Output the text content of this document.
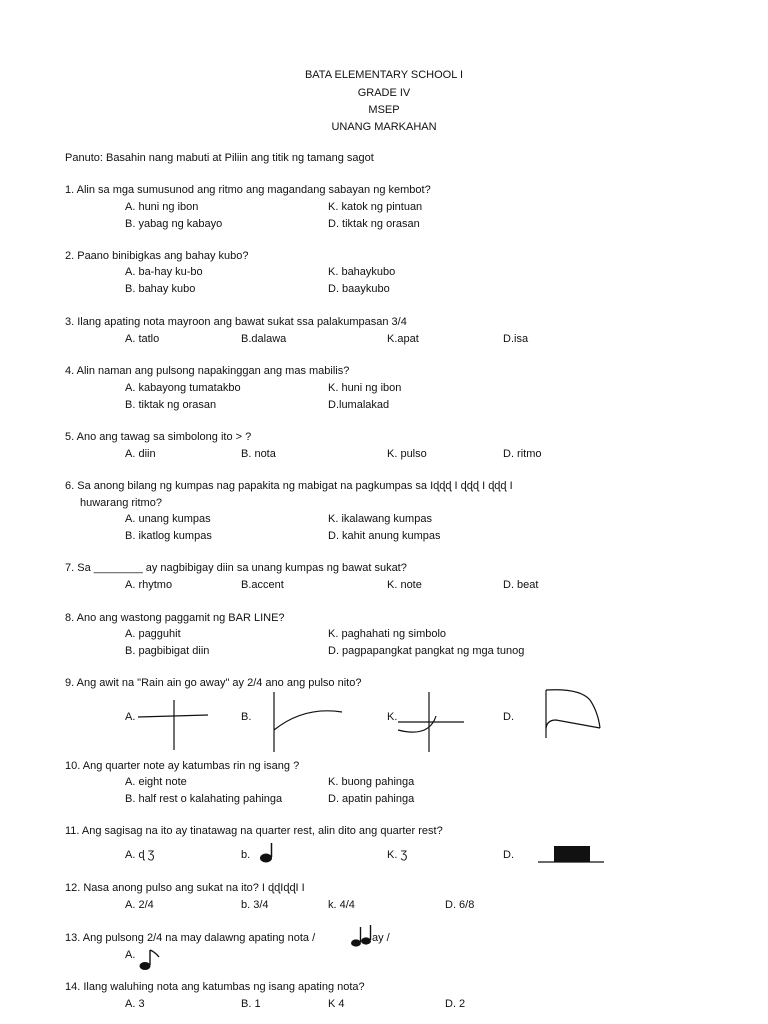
BATA ELEMENTARY SCHOOL I
GRADE IV
MSEP
UNANG MARKAHAN
Panuto: Basahin nang mabuti at Piliin ang titik ng tamang sagot
1. Alin sa mga sumusunod ang ritmo ang magandang sabayan ng kembot?
A. huni ng ibon	K. katok ng pintuan
B. yabag ng kabayo	D. tiktak ng orasan
2. Paano binibigkas ang bahay kubo?
A. ba-hay ku-bo	K. bahaykubo
B. bahay kubo	D. baaykubo
3. Ilang apating nota mayroon ang bawat sukat ssa palakumpasan 3/4
A. tatlo	B.dalawa	K.apat	D.isa
4. Alin naman ang pulsong napakinggan ang mas mabilis?
A. kabayong tumatakbo	K. huni ng ibon
B. tiktak ng orasan	D.lumalakad
5. Ano ang tawag sa simbolong ito > ?
A. diin	B. nota	K. pulso	D. ritmo
6. Sa anong bilang ng kumpas nag papakita ng mabigat na pagkumpas sa Iɖɖɖ I ɖɖɖ I ɖɖɖ I
huwarang ritmo?
A. unang kumpas	K. ikalawang kumpas
B. ikatlog kumpas	D. kahit anung kumpas
7. Sa ________ ay nagbibigay diin sa unang kumpas ng bawat sukat?
A. rhytmo	B.accent	K. note	D. beat
8. Ano ang wastong paggamit ng BAR LINE?
A. pagguhit	K. paghahati ng simbolo
B. pagbibigat diin	D. pagpapangkat pangkat ng mga tunog
9. Ang awit na "Rain ain go away" ay 2/4 ano ang pulso nito?
A.	B.	K.	D.
10. Ang quarter note ay katumbas rin ng isang ?
A. eight note	K. buong pahinga
B. half rest o kalahating pahinga	D. apatin pahinga
11. Ang sagisag na ito ay tinatawag na quarter rest, alin dito ang quarter rest?
A. ɖ Ʒ	b.	K. Ʒ	D.
12. Nasa anong pulso ang sukat na ito? I ɖɖIɖɖI I
A. 2/4	b. 3/4	k. 4/4	D. 6/8
13. Ang pulsong 2/4 na may dalawng apating nota /	ay /
A.
14. Ilang waluhing nota ang katumbas ng isang apating nota?
A. 3	B. 1	K 4	D. 2
